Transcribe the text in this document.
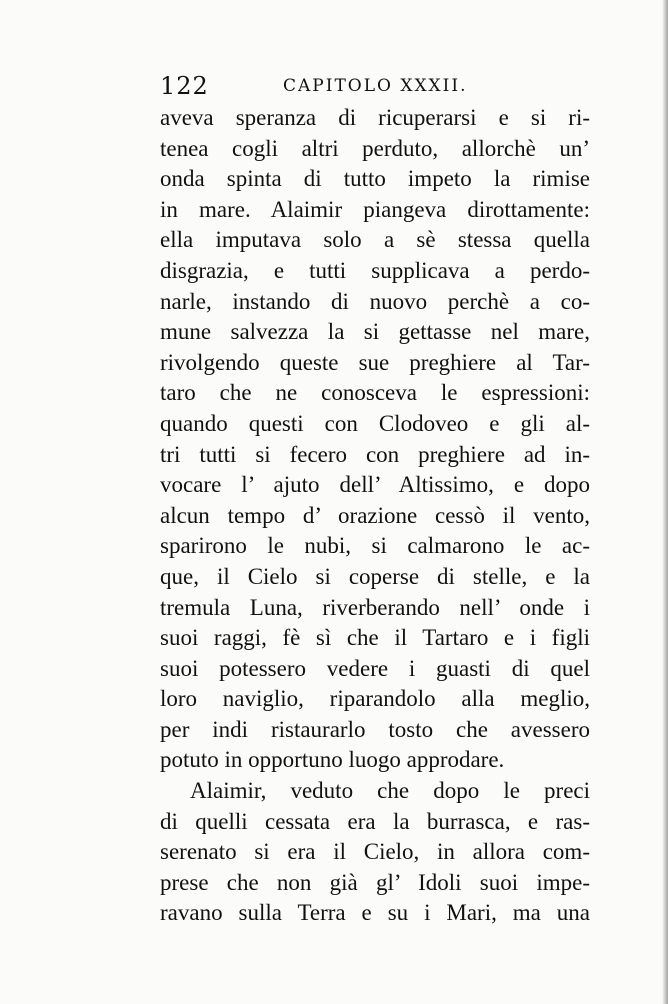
122	CAPITOLO XXXII.
aveva speranza di ricuperarsi e si ri-
tenea cogli altri perduto, allorchè un’
onda spinta di tutto impeto la rimise
in mare. Alaimir piangeva dirottamente:
ella imputava solo a sè stessa quella
disgrazia, e tutti supplicava a perdo-
narle, instando di nuovo perchè a co-
mune salvezza la si gettasse nel mare,
rivolgendo queste sue preghiere al Tar-
taro che ne conosceva le espressioni:
quando questi con Clodoveo e gli al-
tri tutti si fecero con preghiere ad in-
vocare l’ ajuto dell’ Altissimo, e dopo
alcun tempo d’ orazione cessò il vento,
sparirono le nubi, si calmarono le ac-
que, il Cielo si coperse di stelle, e la
tremula Luna, riverberando nell’ onde i
suoi raggi, fè sì che il Tartaro e i figli
suoi potessero vedere i guasti di quel
loro naviglio, riparandolo alla meglio,
per indi ristaurarlo tosto che avessero
potuto in opportuno luogo approdare.
Alaimir, veduto che dopo le preci
di quelli cessata era la burrasca, e ras-
serenato si era il Cielo, in allora com-
prese che non già gl’ Idoli suoi impe-
ravano sulla Terra e su i Mari, ma una
